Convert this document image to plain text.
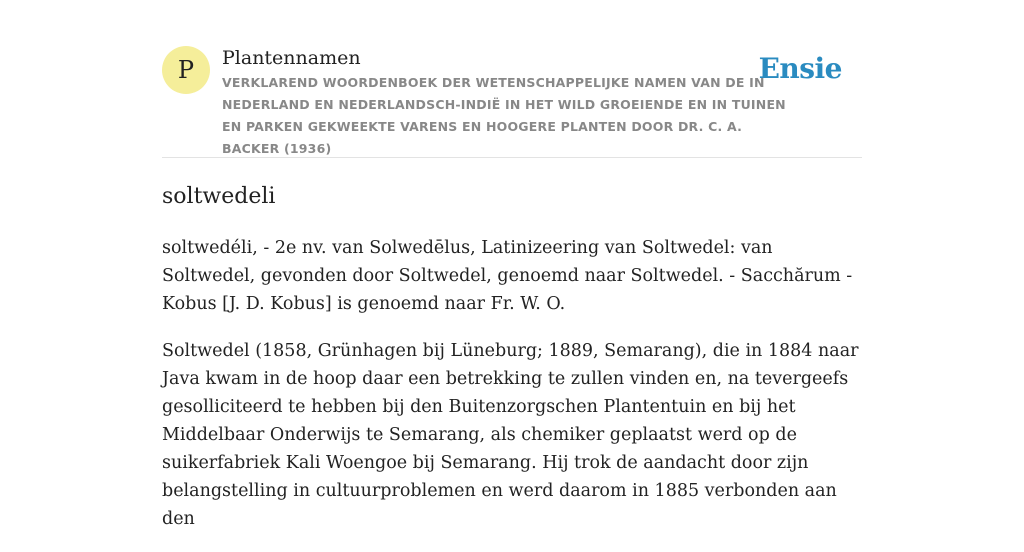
P	Plantennamen
VERKLAREND WOORDENBOEK DER WETENSCHAPPELIJKE NAMEN VAN DE IN NEDERLAND EN NEDERLANDSCH-INDIË IN HET WILD GROEIENDE EN IN TUINEN EN PARKEN GEKWEEKTE VARENS EN HOOGERE PLANTEN DOOR DR. C. A. BACKER (1936)
Ensie
soltwedeli

soltwedéli, - 2e nv. van Solwedēlus, Latinizeering van Soltwedel: van Soltwedel, gevonden door Soltwedel, genoemd naar Soltwedel. - Sacchărum - Kobus [J. D. Kobus] is genoemd naar Fr. W. O.

Soltwedel (1858, Grünhagen bij Lüneburg; 1889, Semarang), die in 1884 naar Java kwam in de hoop daar een betrekking te zullen vinden en, na tevergeefs gesolliciteerd te hebben bij den Buitenzorgschen Plantentuin en bij het Middelbaar Onderwijs te Semarang, als chemiker geplaatst werd op de suikerfabriek Kali Woengoe bij Semarang. Hij trok de aandacht door zijn belangstelling in cultuurproblemen en werd daarom in 1885 verbonden aan den
